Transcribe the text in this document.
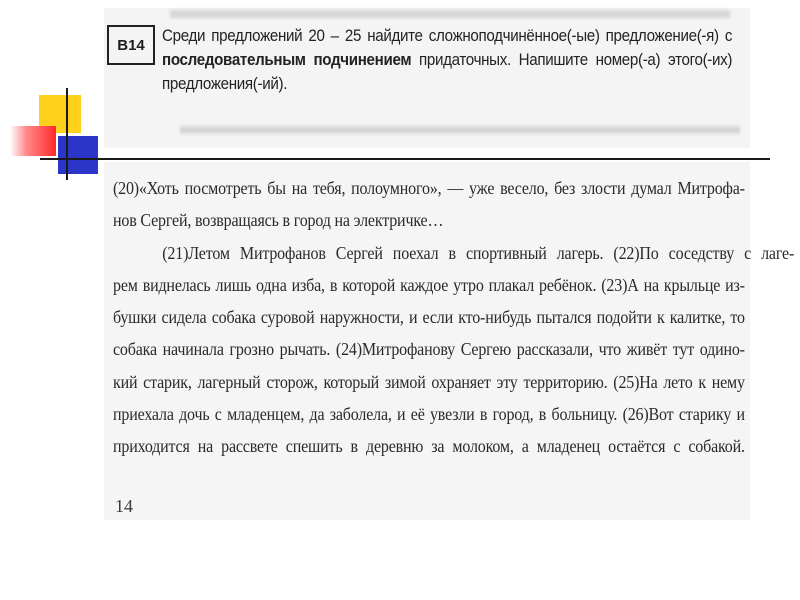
В14	Среди предложений 20 – 25 найдите сложноподчинённое(-ые) предложение(-я) с последовательным подчинением придаточных. Напишите номер(-а) этого(-их) предложения(-ий).
(20)«Хоть посмотреть бы на тебя, полоумного», — уже весело, без злости думал Митрофа-
нов Сергей, возвращаясь в город на электричке…
(21)Летом Митрофанов Сергей поехал в спортивный лагерь. (22)По соседству с лаге-
рем виднелась лишь одна изба, в которой каждое утро плакал ребёнок. (23)А на крыльце из-
бушки сидела собака суровой наружности, и если кто-нибудь пытался подойти к калитке, то
собака начинала грозно рычать. (24)Митрофанову Сергею рассказали, что живёт тут одино-
кий старик, лагерный сторож, который зимой охраняет эту территорию. (25)На лето к нему
приехала дочь с младенцем, да заболела, и её увезли в город, в больницу. (26)Вот старику и
приходится на рассвете спешить в деревню за молоком, а младенец остаётся с собакой.
14
